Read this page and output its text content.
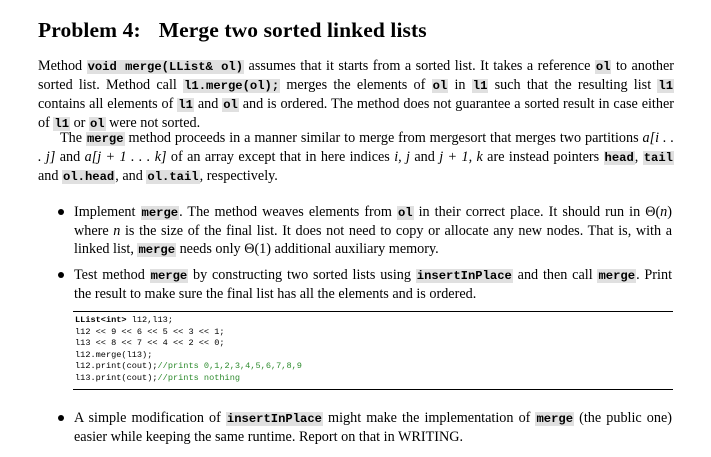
Problem 4: Merge two sorted linked lists

Method void merge(LList& ol) assumes that it starts from a sorted list. It takes a reference ol to another sorted list. Method call l1.merge(ol); merges the elements of ol in l1 such that the resulting list l1 contains all elements of l1 and ol and is ordered. The method does not guarantee a sorted result in case either of l1 or ol were not sorted.

The merge method proceeds in a manner similar to merge from mergesort that merges two partitions a[i . . . j] and a[j + 1 . . . k] of an array except that in here indices i, j and j + 1, k are instead pointers head, tail and ol.head, and ol.tail, respectively.

Implement merge. The method weaves elements from ol in their correct place. It should run in Θ(n) where n is the size of the final list. It does not need to copy or allocate any new nodes. That is, with a linked list, merge needs only Θ(1) additional auxiliary memory.

Test method merge by constructing two sorted lists using insertInPlace and then call merge. Print the result to make sure the final list has all the elements and is ordered.

LList<int> l12,l13;
l12 << 9 << 6 << 5 << 3 << 1;
l13 << 8 << 7 << 4 << 2 << 0;
l12.merge(l13);
l12.print(cout);//prints 0,1,2,3,4,5,6,7,8,9
l13.print(cout);//prints nothing

A simple modification of insertInPlace might make the implementation of merge (the public one) easier while keeping the same runtime. Report on that in WRITING.
